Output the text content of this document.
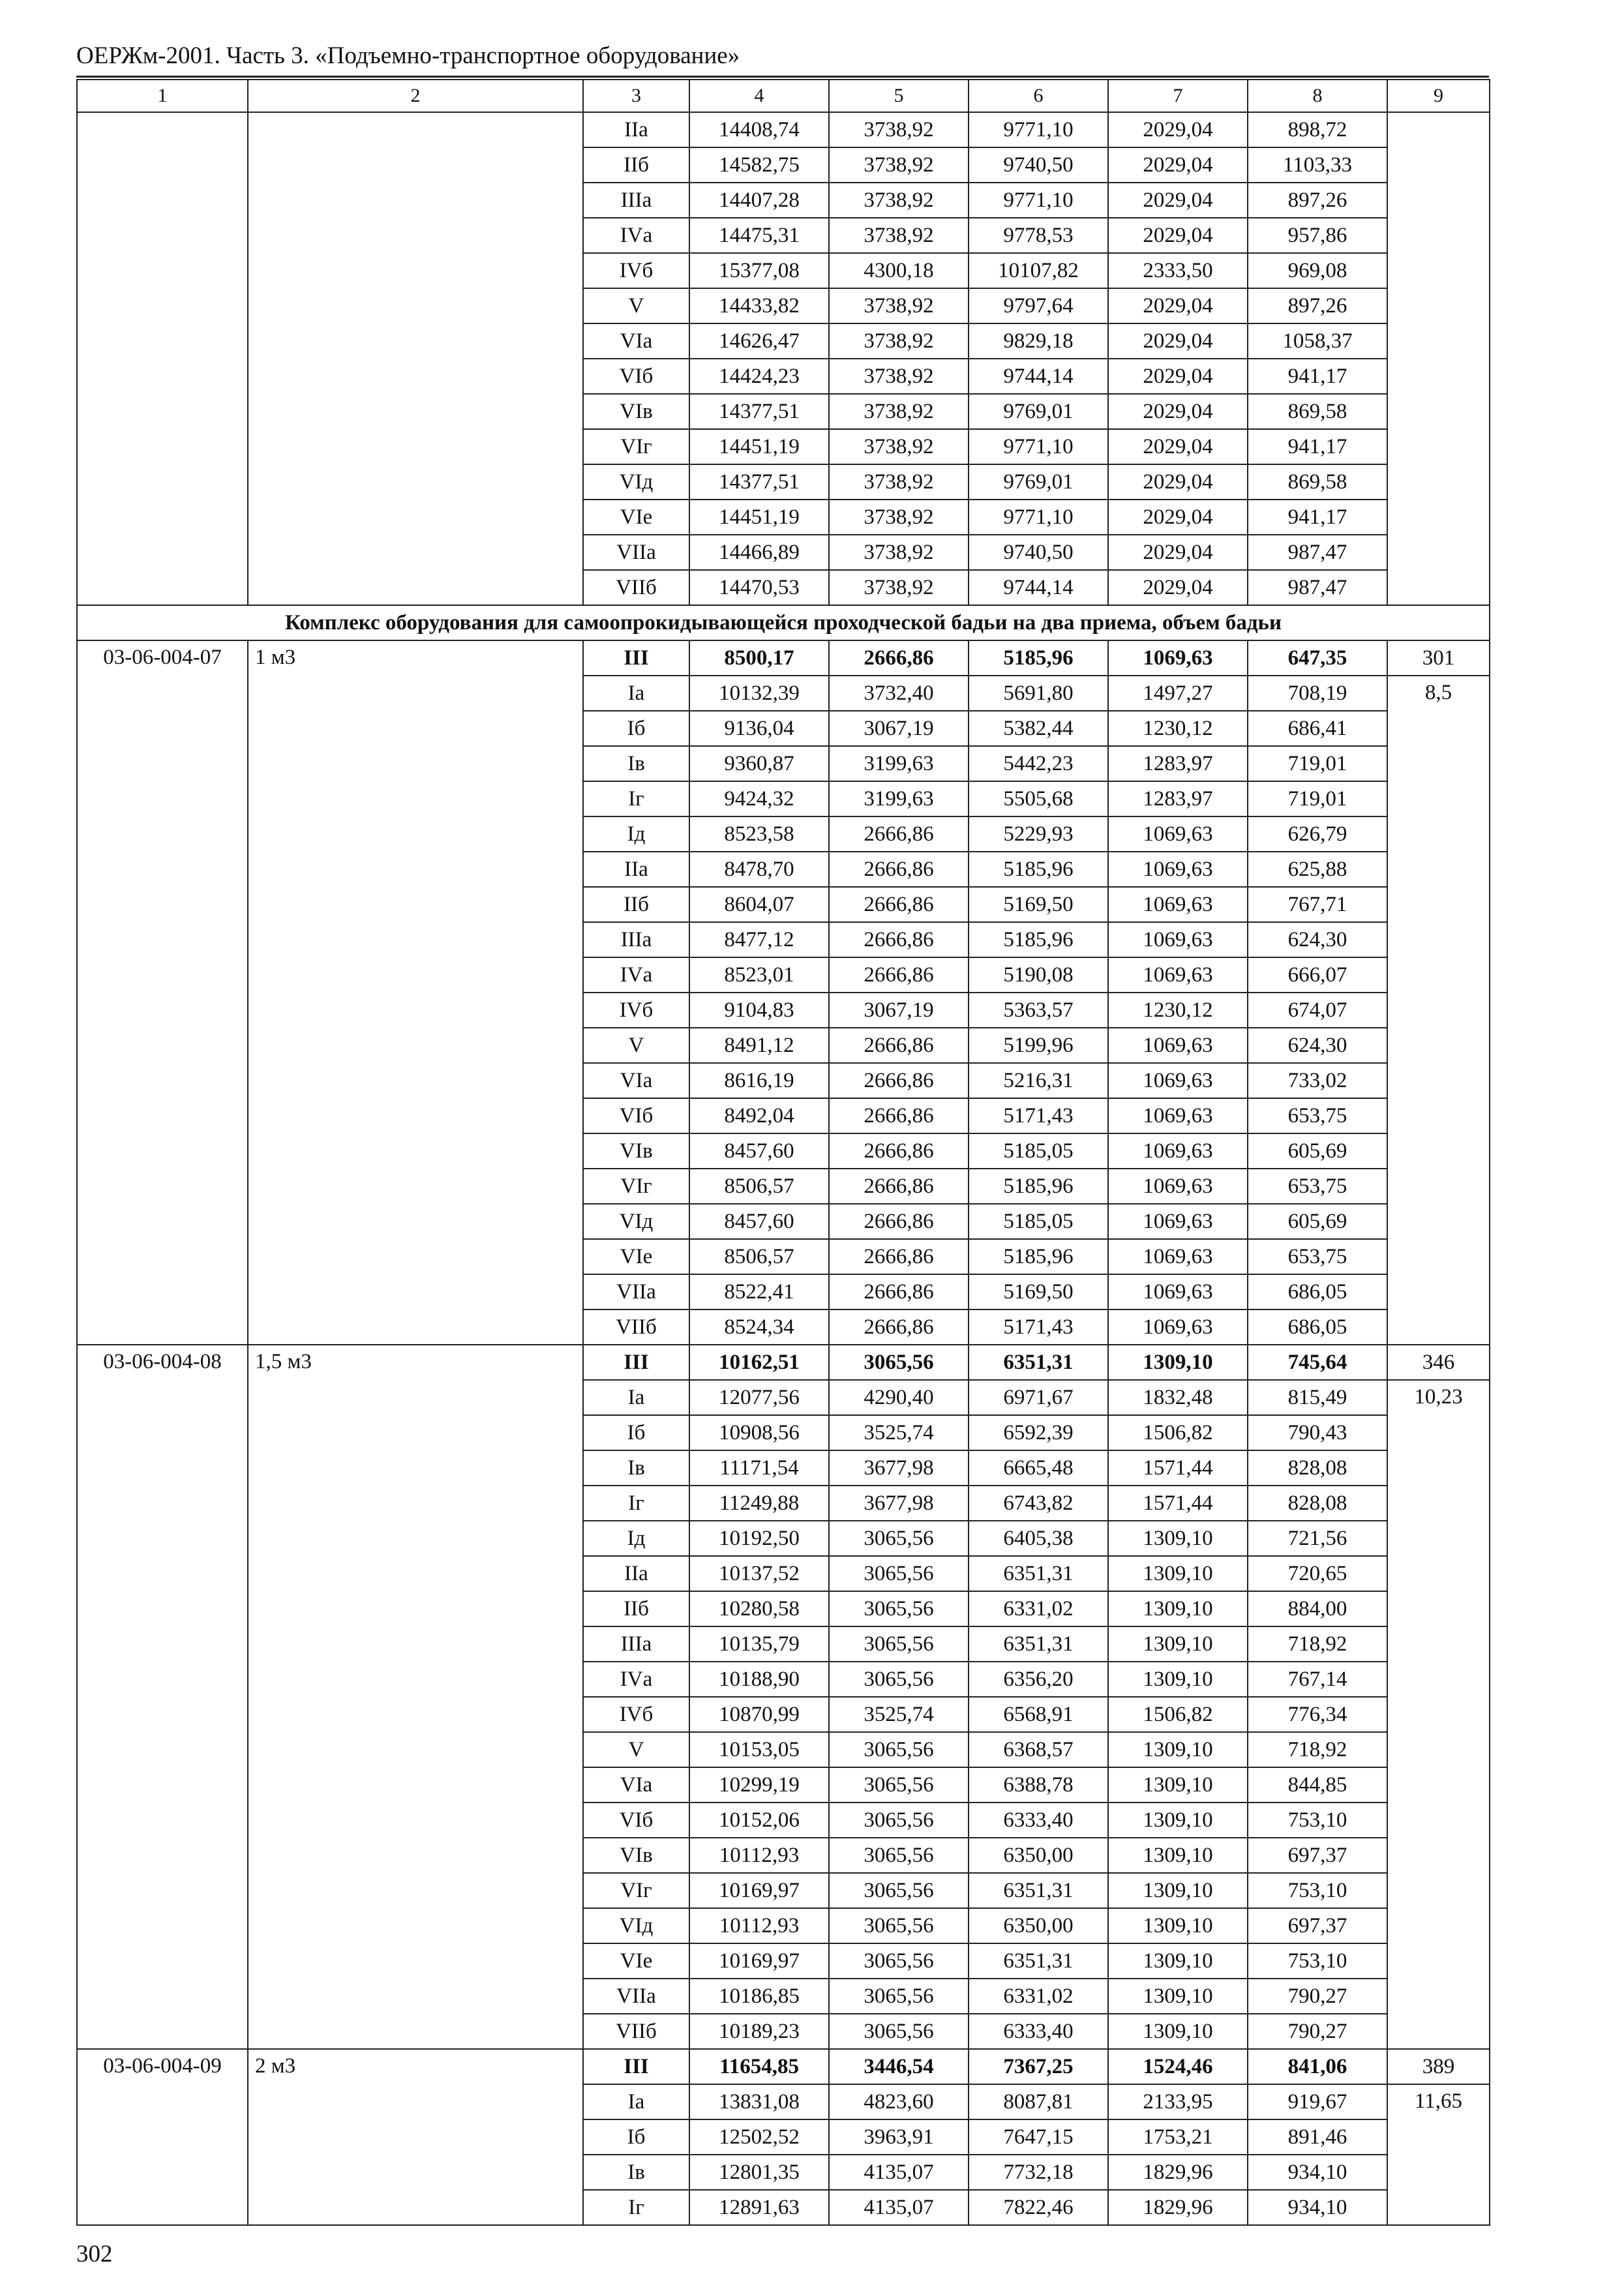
ОЕРЖм-2001. Часть 3. «Подъемно-транспортное оборудование»
1	2	3	4	5	6	7	8	9
		IIа	14408,74	3738,92	9771,10	2029,04	898,72	
		IIб	14582,75	3738,92	9740,50	2029,04	1103,33	
		IIIа	14407,28	3738,92	9771,10	2029,04	897,26	
		IVа	14475,31	3738,92	9778,53	2029,04	957,86	
		IVб	15377,08	4300,18	10107,82	2333,50	969,08	
		V	14433,82	3738,92	9797,64	2029,04	897,26	
		VIа	14626,47	3738,92	9829,18	2029,04	1058,37	
		VIб	14424,23	3738,92	9744,14	2029,04	941,17	
		VIв	14377,51	3738,92	9769,01	2029,04	869,58	
		VIг	14451,19	3738,92	9771,10	2029,04	941,17	
		VIд	14377,51	3738,92	9769,01	2029,04	869,58	
		VIе	14451,19	3738,92	9771,10	2029,04	941,17	
		VIIа	14466,89	3738,92	9740,50	2029,04	987,47	
		VIIб	14470,53	3738,92	9744,14	2029,04	987,47	
Комплекс оборудования для самоопрокидывающейся проходческой бадьи на два приема, объем бадьи								
03-06-004-07	1 м3	III	8500,17	2666,86	5185,96	1069,63	647,35	301
		Iа	10132,39	3732,40	5691,80	1497,27	708,19	8,5
		Iб	9136,04	3067,19	5382,44	1230,12	686,41	
		Iв	9360,87	3199,63	5442,23	1283,97	719,01	
		Iг	9424,32	3199,63	5505,68	1283,97	719,01	
		Iд	8523,58	2666,86	5229,93	1069,63	626,79	
		IIа	8478,70	2666,86	5185,96	1069,63	625,88	
		IIб	8604,07	2666,86	5169,50	1069,63	767,71	
		IIIа	8477,12	2666,86	5185,96	1069,63	624,30	
		IVа	8523,01	2666,86	5190,08	1069,63	666,07	
		IVб	9104,83	3067,19	5363,57	1230,12	674,07	
		V	8491,12	2666,86	5199,96	1069,63	624,30	
		VIа	8616,19	2666,86	5216,31	1069,63	733,02	
		VIб	8492,04	2666,86	5171,43	1069,63	653,75	
		VIв	8457,60	2666,86	5185,05	1069,63	605,69	
		VIг	8506,57	2666,86	5185,96	1069,63	653,75	
		VIд	8457,60	2666,86	5185,05	1069,63	605,69	
		VIе	8506,57	2666,86	5185,96	1069,63	653,75	
		VIIа	8522,41	2666,86	5169,50	1069,63	686,05	
		VIIб	8524,34	2666,86	5171,43	1069,63	686,05	
03-06-004-08	1,5 м3	III	10162,51	3065,56	6351,31	1309,10	745,64	346
		Iа	12077,56	4290,40	6971,67	1832,48	815,49	10,23
		Iб	10908,56	3525,74	6592,39	1506,82	790,43	
		Iв	11171,54	3677,98	6665,48	1571,44	828,08	
		Iг	11249,88	3677,98	6743,82	1571,44	828,08	
		Iд	10192,50	3065,56	6405,38	1309,10	721,56	
		IIа	10137,52	3065,56	6351,31	1309,10	720,65	
		IIб	10280,58	3065,56	6331,02	1309,10	884,00	
		IIIа	10135,79	3065,56	6351,31	1309,10	718,92	
		IVа	10188,90	3065,56	6356,20	1309,10	767,14	
		IVб	10870,99	3525,74	6568,91	1506,82	776,34	
		V	10153,05	3065,56	6368,57	1309,10	718,92	
		VIа	10299,19	3065,56	6388,78	1309,10	844,85	
		VIб	10152,06	3065,56	6333,40	1309,10	753,10	
		VIв	10112,93	3065,56	6350,00	1309,10	697,37	
		VIг	10169,97	3065,56	6351,31	1309,10	753,10	
		VIд	10112,93	3065,56	6350,00	1309,10	697,37	
		VIе	10169,97	3065,56	6351,31	1309,10	753,10	
		VIIа	10186,85	3065,56	6331,02	1309,10	790,27	
		VIIб	10189,23	3065,56	6333,40	1309,10	790,27	
03-06-004-09	2 м3	III	11654,85	3446,54	7367,25	1524,46	841,06	389
		Iа	13831,08	4823,60	8087,81	2133,95	919,67	11,65
		Iб	12502,52	3963,91	7647,15	1753,21	891,46	
		Iв	12801,35	4135,07	7732,18	1829,96	934,10	
		Iг	12891,63	4135,07	7822,46	1829,96	934,10	
302
